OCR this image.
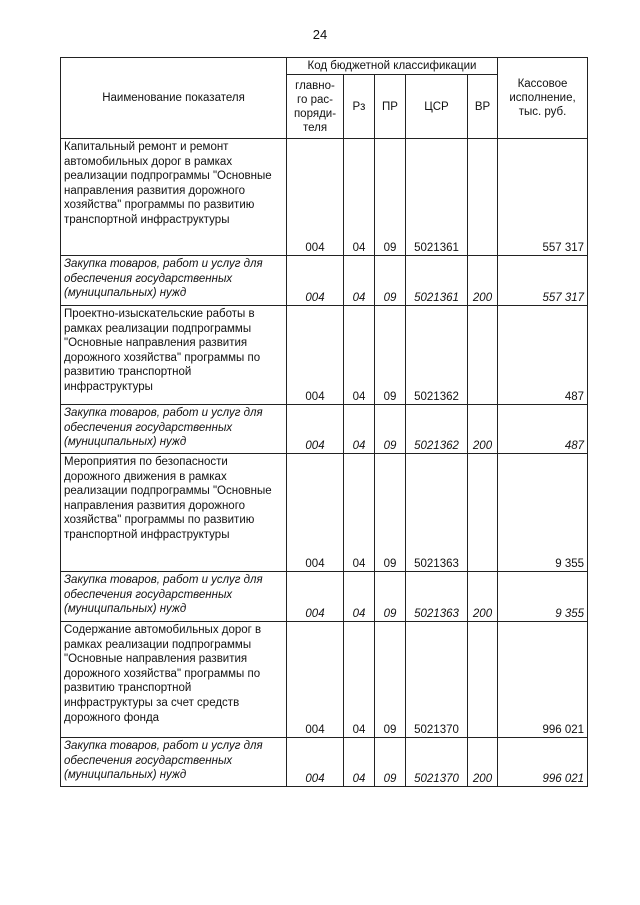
24
Наименование показателя	Код бюджетной классификации					Кассовое исполнение, тыс. руб.
	главно-го рас-поряди-теля	Рз	ПР	ЦСР	ВР	
Капитальный ремонт и ремонт автомобильных дорог в рамках реализации подпрограммы "Основные направления развития дорожного хозяйства" программы по развитию транспортной инфраструктуры	004	04	09	5021361		557 317
Закупка товаров, работ и услуг для обеспечения государственных (муниципальных) нужд	004	04	09	5021361	200	557 317
Проектно-изыскательские работы в рамках реализации подпрограммы "Основные направления развития дорожного хозяйства" программы по развитию транспортной инфраструктуры	004	04	09	5021362		487
Закупка товаров, работ и услуг для обеспечения государственных (муниципальных) нужд	004	04	09	5021362	200	487
Мероприятия по безопасности дорожного движения в рамках реализации подпрограммы "Основные направления развития дорожного хозяйства" программы по развитию транспортной инфраструктуры	004	04	09	5021363		9 355
Закупка товаров, работ и услуг для обеспечения государственных (муниципальных) нужд	004	04	09	5021363	200	9 355
Содержание автомобильных дорог в рамках реализации подпрограммы "Основные направления развития дорожного хозяйства" программы по развитию транспортной инфраструктуры за счет средств дорожного фонда	004	04	09	5021370		996 021
Закупка товаров, работ и услуг для обеспечения государственных (муниципальных) нужд	004	04	09	5021370	200	996 021
